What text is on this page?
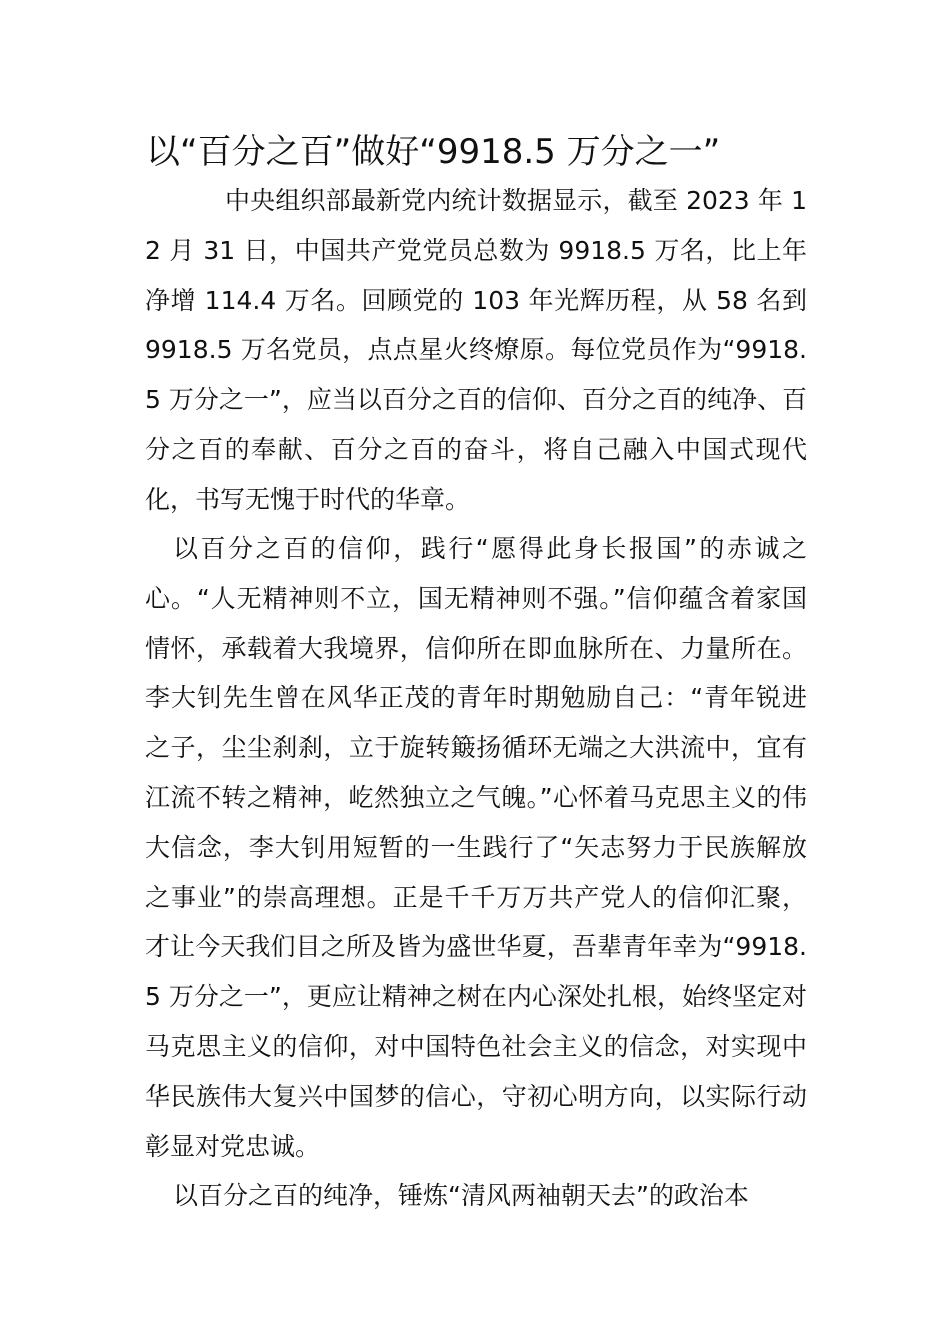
以“百分之百”做好“9918.5 万分之一”

中央组织部最新党内统计数据显示，截至 2023 年 12 月 31 日，中国共产党党员总数为 9918.5 万名，比上年净增 114.4 万名。回顾党的 103 年光辉历程，从 58 名到 9918.5 万名党员，点点星火终燎原。每位党员作为“9918.5 万分之一”，应当以百分之百的信仰、百分之百的纯净、百分之百的奉献、百分之百的奋斗，将自己融入中国式现代化，书写无愧于时代的华章。

以百分之百的信仰，践行“愿得此身长报国”的赤诚之心。“人无精神则不立，国无精神则不强。”信仰蕴含着家国情怀，承载着大我境界，信仰所在即血脉所在、力量所在。李大钊先生曾在风华正茂的青年时期勉励自己：“青年锐进之子，尘尘刹刹，立于旋转簸扬循环无端之大洪流中，宜有江流不转之精神，屹然独立之气魄。”心怀着马克思主义的伟大信念，李大钊用短暂的一生践行了“矢志努力于民族解放之事业”的崇高理想。正是千千万万共产党人的信仰汇聚，才让今天我们目之所及皆为盛世华夏，吾辈青年幸为“9918.5 万分之一”，更应让精神之树在内心深处扎根，始终坚定对马克思主义的信仰，对中国特色社会主义的信念，对实现中华民族伟大复兴中国梦的信心，守初心明方向，以实际行动彰显对党忠诚。

以百分之百的纯净，锤炼“清风两袖朝天去”的政治本
